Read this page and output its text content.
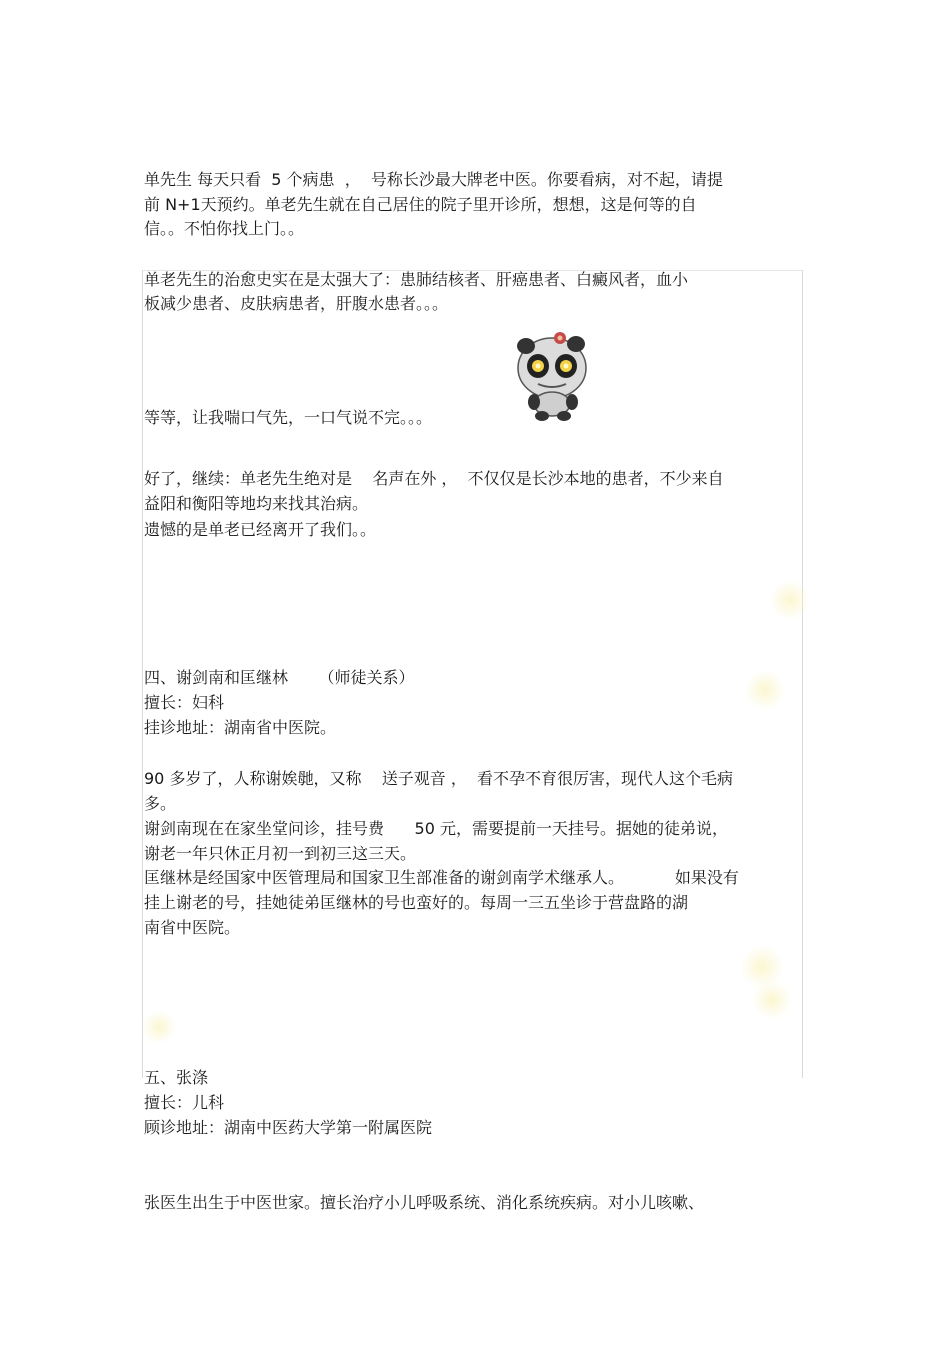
单先生 每天只看  5 个病患  ，  号称长沙最大牌老中医。你要看病，对不起，请提

前 N+1天预约。单老先生就在自己居住的院子里开诊所，想想，这是何等的自

信。。不怕你找上门。。

单老先生的治愈史实在是太强大了：患肺结核者、肝癌患者、白癜风者，血小

板减少患者、皮肤病患者，肝腹水患者。。。

等等，让我喘口气先，一口气说不完。。。

好了，继续：单老先生绝对是    名声在外 ，  不仅仅是长沙本地的患者，不少来自

益阳和衡阳等地均来找其治病。

遗憾的是单老已经离开了我们。。

四、谢剑南和匡继林      （师徒关系）

擅长：妇科

挂诊地址：湖南省中医院。

90 多岁了，人称谢娭毑，又称    送子观音 ，  看不孕不育很厉害，现代人这个毛病

多。

谢剑南现在在家坐堂问诊，挂号费      50 元，需要提前一天挂号。据她的徒弟说，

谢老一年只休正月初一到初三这三天。

匡继林是经国家中医管理局和国家卫生部准备的谢剑南学术继承人。          如果没有

挂上谢老的号，挂她徒弟匡继林的号也蛮好的。每周一三五坐诊于营盘路的湖

南省中医院。

五、张涤

擅长：儿科

顾诊地址：湖南中医药大学第一附属医院

张医生出生于中医世家。擅长治疗小儿呼吸系统、消化系统疾病。对小儿咳嗽、
